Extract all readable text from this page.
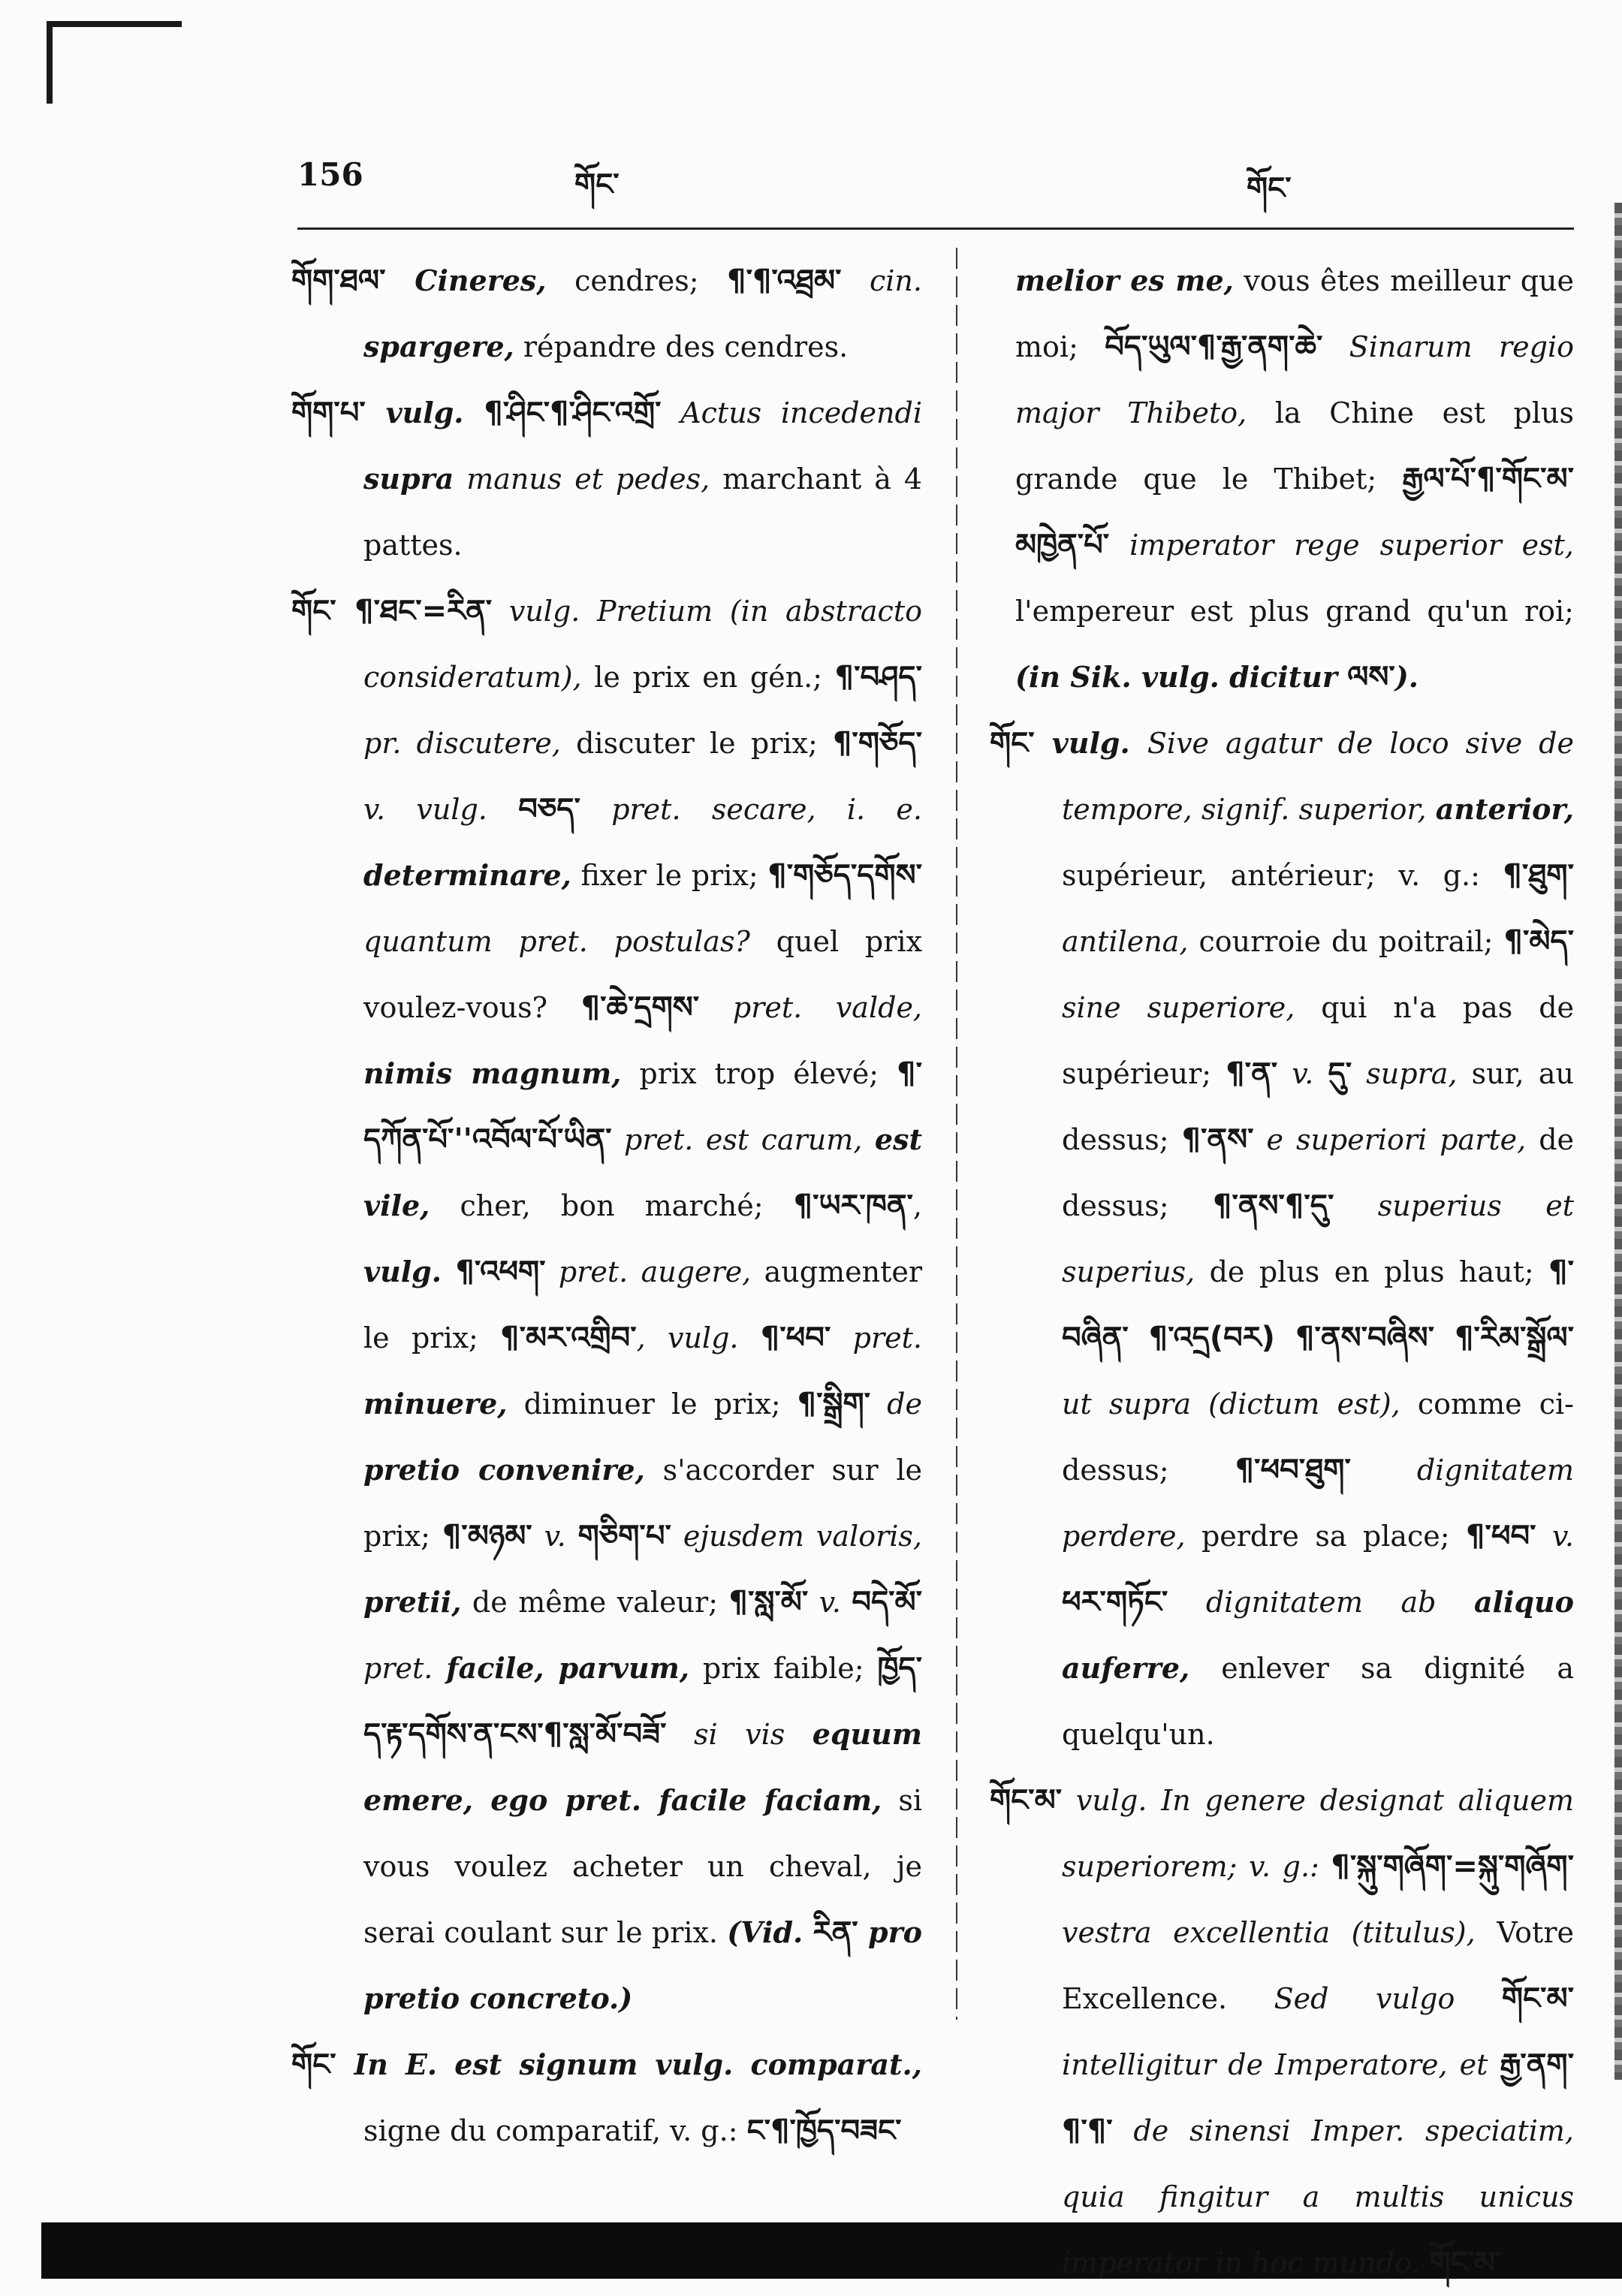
156	གོང་	གོང་

གོག་ཐལ་ Cineres, cendres; ¶་¶་འཐྲམ་ cin. spargere, répandre des cendres.

གོག་པ་ vulg. ¶་ཤིང་¶་ཤིང་འགྲོ་ Actus incedendi supra manus et pedes, marchant à 4 pattes.

གོང་ ¶་ཐང་=རིན་ vulg. Pretium (in abstracto consideratum), le prix en gén.; ¶་བཤད་ pr. discutere, discuter le prix; ¶་གཅོད་ v. vulg. བཅད་ pret. secare, i. e. determinare, fixer le prix; ¶་གཅོད་དགོས་ quantum pret. postulas? quel prix voulez-vous? ¶་ཆེ་དྲགས་ pret. valde, nimis magnum, prix trop élevé; ¶་དཀོན་པོ་''འབོལ་པོ་ཡིན་ pret. est carum, est vile, cher, bon marché; ¶་ཡར་ཁན་, vulg. ¶་འཕག་ pret. augere, augmenter le prix; ¶་མར་འགྲིབ་, vulg. ¶་ཕབ་ pret. minuere, diminuer le prix; ¶་སྒྲིག་ de pretio convenire, s'accorder sur le prix; ¶་མཉམ་ v. གཅིག་པ་ ejusdem valoris, pretii, de même valeur; ¶་སླ་མོ་ v. བདེ་མོ་ pret. facile, parvum, prix faible; ཁྱོད་ད་རྟ་དགོས་ན་ངས་¶་སླ་མོ་བཟོ་ si vis equum emere, ego pret. facile faciam, si vous voulez acheter un cheval, je serai coulant sur le prix. (Vid. རིན་ pro pretio concreto.)

གོང་ In E. est signum vulg. comparat., signe du comparatif, v. g.: ང་¶་ཁྱོད་བཟང་

melior es me, vous êtes meilleur que moi; བོད་ཡུལ་¶་རྒྱ་ནག་ཆེ་ Sinarum regio major Thibeto, la Chine est plus grande que le Thibet; རྒྱལ་པོ་¶་གོང་མ་མཁྱེན་པོ་ imperator rege superior est, l'empereur est plus grand qu'un roi; (in Sik. vulg. dicitur ལས་).

གོང་ vulg. Sive agatur de loco sive de tempore, signif. superior, anterior, supérieur, antérieur; v. g.: ¶་ཐུག་ antilena, courroie du poitrail; ¶་མེད་ sine superiore, qui n'a pas de supérieur; ¶་ན་ v. དུ་ supra, sur, au dessus; ¶་ནས་ e superiori parte, de dessus; ¶་ནས་¶་དུ་ superius et superius, de plus en plus haut; ¶་བཞིན་ ¶་འདྲ(བར) ¶་ནས་བཞིས་ ¶་རིམ་སྒྲོལ་ ut supra (dictum est), comme ci-dessus; ¶་ཕབ་ཐུག་ dignitatem perdere, perdre sa place; ¶་ཕབ་ v. ཕར་གཏོང་ dignitatem ab aliquo auferre, enlever sa dignité a quelqu'un.

གོང་མ་ vulg. In genere designat aliquem superiorem; v. g.: ¶་སྐུ་གཞོག་=སྐུ་གཞོག་ vestra excellentia (titulus), Votre Excellence. Sed vulgo གོང་མ་ intelligitur de Imperatore, et རྒྱ་ནག་¶་¶་ de sinensi Imper. speciatim, quia fingitur a multis unicus imperator in hoc mundo. གོང་མ་
